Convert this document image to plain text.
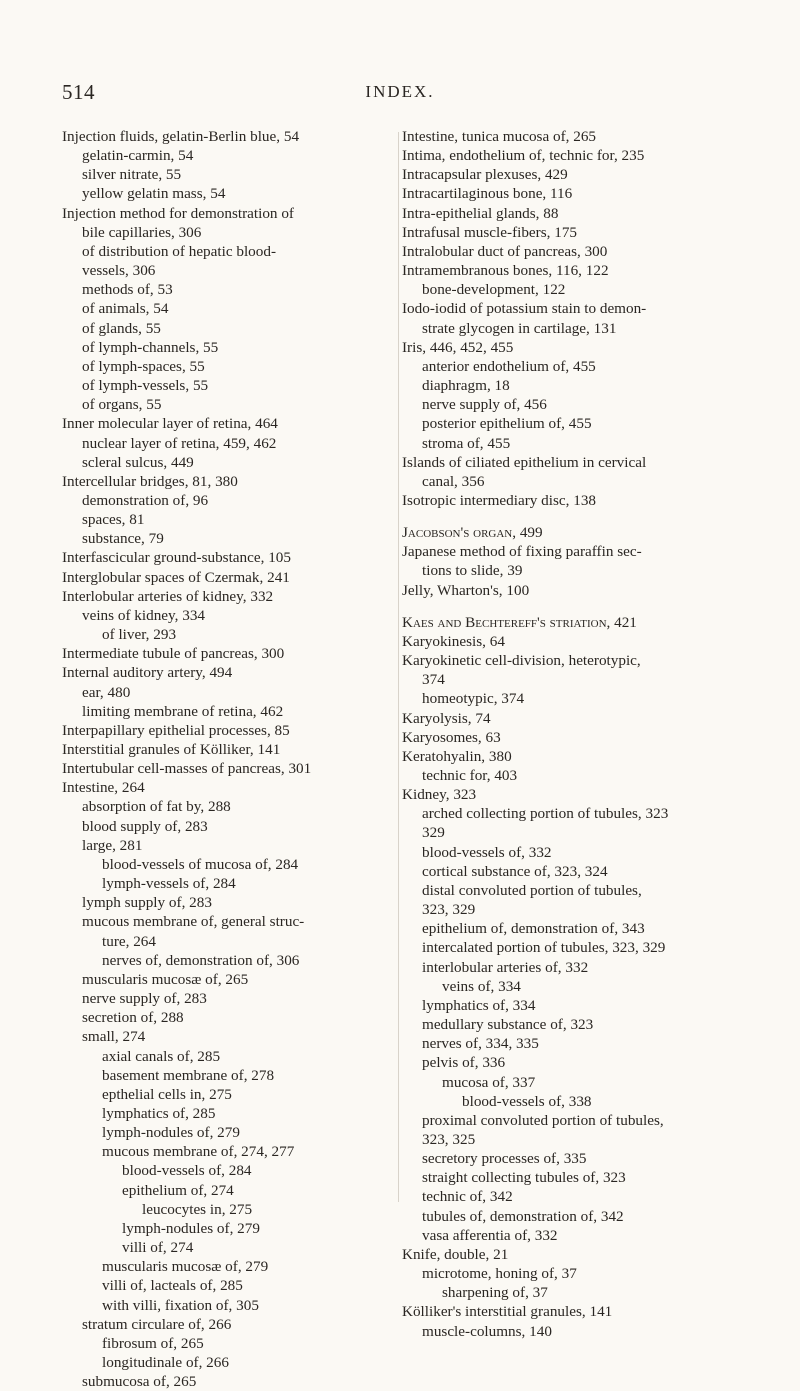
514	INDEX.
Injection fluids, gelatin-Berlin blue, 54
gelatin-carmin, 54
silver nitrate, 55
yellow gelatin mass, 54
Injection method for demonstration of
bile capillaries, 306
of distribution of hepatic blood-
vessels, 306
methods of, 53
of animals, 54
of glands, 55
of lymph-channels, 55
of lymph-spaces, 55
of lymph-vessels, 55
of organs, 55
Inner molecular layer of retina, 464
nuclear layer of retina, 459, 462
scleral sulcus, 449
Intercellular bridges, 81, 380
demonstration of, 96
spaces, 81
substance, 79
Interfascicular ground-substance, 105
Interglobular spaces of Czermak, 241
Interlobular arteries of kidney, 332
veins of kidney, 334
of liver, 293
Intermediate tubule of pancreas, 300
Internal auditory artery, 494
ear, 480
limiting membrane of retina, 462
Interpapillary epithelial processes, 85
Interstitial granules of Kölliker, 141
Intertubular cell-masses of pancreas, 301
Intestine, 264
absorption of fat by, 288
blood supply of, 283
large, 281
blood-vessels of mucosa of, 284
lymph-vessels of, 284
lymph supply of, 283
mucous membrane of, general struc-
ture, 264
nerves of, demonstration of, 306
muscularis mucosæ of, 265
nerve supply of, 283
secretion of, 288
small, 274
axial canals of, 285
basement membrane of, 278
epthelial cells in, 275
lymphatics of, 285
lymph-nodules of, 279
mucous membrane of, 274, 277
blood-vessels of, 284
epithelium of, 274
leucocytes in, 275
lymph-nodules of, 279
villi of, 274
muscularis mucosæ of, 279
villi of, lacteals of, 285
with villi, fixation of, 305
stratum circulare of, 266
fibrosum of, 265
longitudinale of, 266
submucosa of, 265
Intestine, tunica mucosa of, 265
Intima, endothelium of, technic for, 235
Intracapsular plexuses, 429
Intracartilaginous bone, 116
Intra-epithelial glands, 88
Intrafusal muscle-fibers, 175
Intralobular duct of pancreas, 300
Intramembranous bones, 116, 122
bone-development, 122
Iodo-iodid of potassium stain to demon-
strate glycogen in cartilage, 131
Iris, 446, 452, 455
anterior endothelium of, 455
diaphragm, 18
nerve supply of, 456
posterior epithelium of, 455
stroma of, 455
Islands of ciliated epithelium in cervical
canal, 356
Isotropic intermediary disc, 138
Jacobson's organ, 499
Japanese method of fixing paraffin sec-
tions to slide, 39
Jelly, Wharton's, 100
Kaes and Bechtereff's striation, 421
Karyokinesis, 64
Karyokinetic cell-division, heterotypic,
374
homeotypic, 374
Karyolysis, 74
Karyosomes, 63
Keratohyalin, 380
technic for, 403
Kidney, 323
arched collecting portion of tubules, 323
329
blood-vessels of, 332
cortical substance of, 323, 324
distal convoluted portion of tubules,
323, 329
epithelium of, demonstration of, 343
intercalated portion of tubules, 323, 329
interlobular arteries of, 332
veins of, 334
lymphatics of, 334
medullary substance of, 323
nerves of, 334, 335
pelvis of, 336
mucosa of, 337
blood-vessels of, 338
proximal convoluted portion of tubules,
323, 325
secretory processes of, 335
straight collecting tubules of, 323
technic of, 342
tubules of, demonstration of, 342
vasa afferentia of, 332
Knife, double, 21
microtome, honing of, 37
sharpening of, 37
Kölliker's interstitial granules, 141
muscle-columns, 140
